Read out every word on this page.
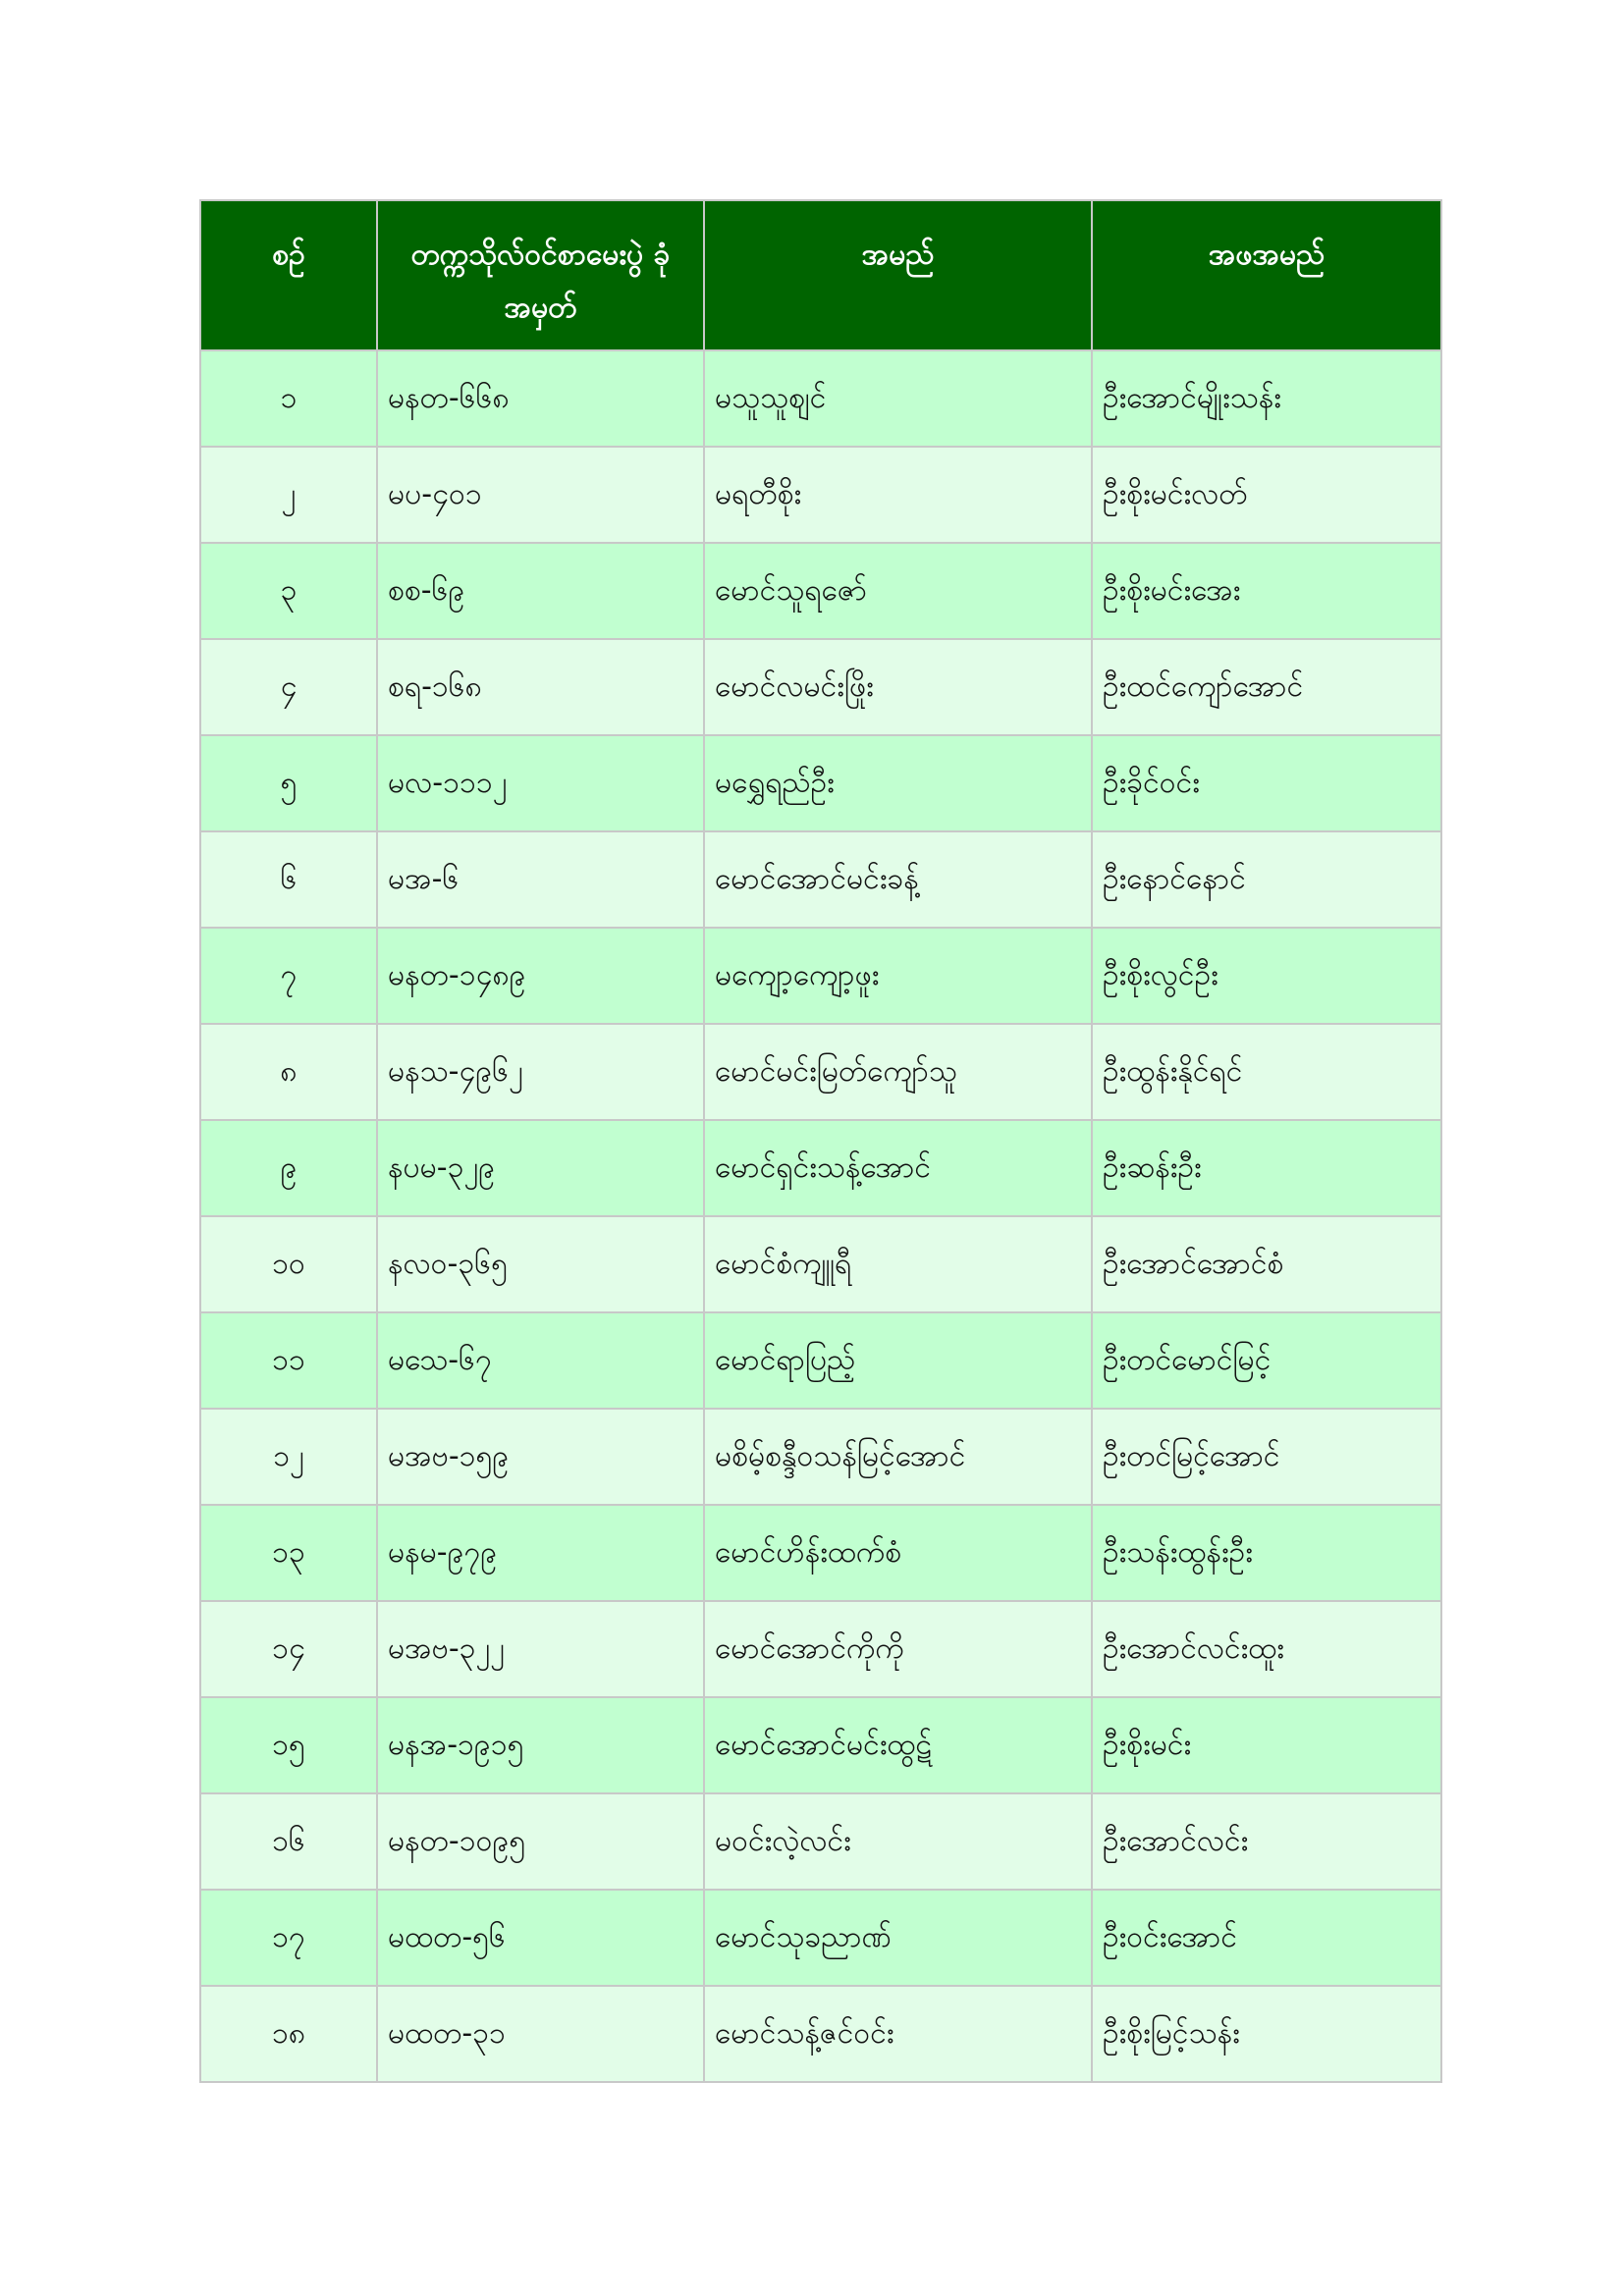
စဉ်	တက္ကသိုလ်ဝင်စာမေးပွဲ ခုံအမှတ်	အမည်	အဖအမည်
၁	မနတ-၆၆၈	မသူသူစျင်	ဦးအောင်မျိုးသန်း
၂	မပ-၄၀၁	မရတီစိုး	ဦးစိုးမင်းလတ်
၃	စစ-၆၉	မောင်သူရဇော်	ဦးစိုးမင်းအေး
၄	စရ-၁၆၈	မောင်လမင်းဖြိုး	ဦးထင်ကျော်အောင်
၅	မလ-၁၁၁၂	မရွှေရည်ဦး	ဦးခိုင်ဝင်း
၆	မအ-၆	မောင်အောင်မင်းခန့်	ဦးနောင်နောင်
၇	မနတ-၁၄၈၉	မကျော့ကျော့ဖူး	ဦးစိုးလွင်ဦး
၈	မနသ-၄၉၆၂	မောင်မင်းမြတ်ကျော်သူ	ဦးထွန်းနိုင်ရင်
၉	နပမ-၃၂၉	မောင်ရှင်းသန့်အောင်	ဦးဆန်းဦး
၁၀	နလဝ-၃၆၅	မောင်စံကျူရီ	ဦးအောင်အောင်စံ
၁၁	မသေ-၆၇	မောင်ရာပြည့်	ဦးတင်မောင်မြင့်
၁၂	မအဗ-၁၅၉	မစိမ့်စန္ဒီဝသန်မြင့်အောင်	ဦးတင်မြင့်အောင်
၁၃	မနမ-၉၇၉	မောင်ဟိန်းထက်စံ	ဦးသန်းထွန်းဦး
၁၄	မအဗ-၃၂၂	မောင်အောင်ကိုကို	ဦးအောင်လင်းထူး
၁၅	မနအ-၁၉၁၅	မောင်အောင်မင်းထွဋ်	ဦးစိုးမင်း
၁၆	မနတ-၁၀၉၅	မဝင်းလဲ့လင်း	ဦးအောင်လင်း
၁၇	မထတ-၅၆	မောင်သုခညာဏ်	ဦးဝင်းအောင်
၁၈	မထတ-၃၁	မောင်သန့်ဇင်ဝင်း	ဦးစိုးမြင့်သန်း
